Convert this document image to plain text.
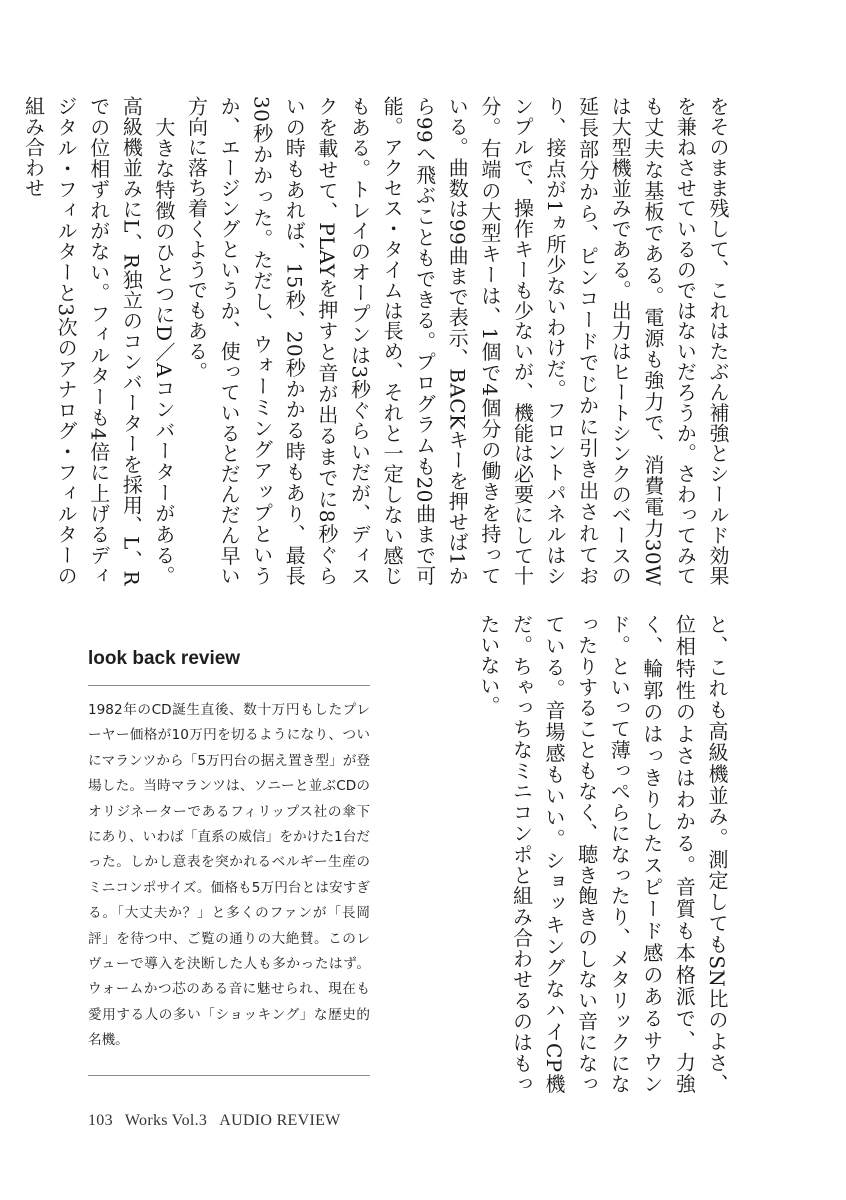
をそのまま残して、これはたぶん補強とシールド効果を兼ねさせているのではないだろうか。さわってみても丈夫な基板である。電源も強力で、消費電力30Wは大型機並みである。出力はヒートシンクのベースの延長部分から、ピンコードでじかに引き出されており、接点が1ヵ所少ないわけだ。フロントパネルはシンプルで、操作キーも少ないが、機能は必要にして十分。右端の大型キーは、1個で4個分の働きを持っている。曲数は99曲まで表示、BACKキーを押せば1から99へ飛ぶこともできる。プログラムも20曲まで可能。アクセス・タイムは長め、それと一定しない感じもある。トレイのオープンは3秒ぐらいだが、ディスクを載せて、PLAYを押すと音が出るまでに8秒ぐらいの時もあれば、15秒、20秒かかる時もあり、最長30秒かかった。ただし、ウォーミングアップというか、エージングというか、使っているとだんだん早い方向に落ち着くようでもある。

　大きな特徴のひとつにD／Aコンバーターがある。高級機並みにL、R独立のコンバーターを採用、L、Rでの位相ずれがない。フィルターも4倍に上げるディジタル・フィルターと3次のアナログ・フィルターの組み合わせ

と、これも高級機並み。測定してもSN比のよさ、位相特性のよさはわかる。音質も本格派で、力強く、輪郭のはっきりしたスピード感のあるサウンド。といって薄っぺらになったり、メタリックになったりすることもなく、聴き飽きのしない音になっている。音場感もいい。ショッキングなハイCP機だ。ちゃっちなミニコンポと組み合わせるのはもったいない。

look back review

1982年のCD誕生直後、数十万円もしたプレーヤー価格が10万円を切るようになり、ついにマランツから「5万円台の据え置き型」が登場した。当時マランツは、ソニーと並ぶCDのオリジネーターであるフィリップス社の傘下にあり、いわば「直系の威信」をかけた1台だった。しかし意表を突かれるベルギー生産のミニコンポサイズ。価格も5万円台とは安すぎる。「大丈夫か？」と多くのファンが「長岡評」を待つ中、ご覧の通りの大絶賛。このレヴューで導入を決断した人も多かったはず。ウォームかつ芯のある音に魅せられ、現在も愛用する人の多い「ショッキング」な歴史的名機。

103 Works Vol.3 AUDIO REVIEW
